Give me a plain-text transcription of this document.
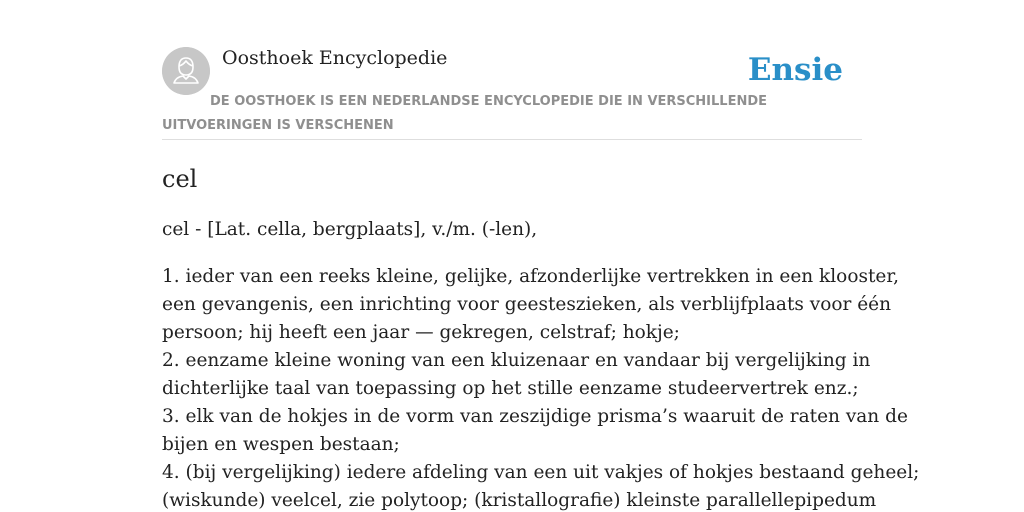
Oosthoek Encyclopedie	Ensie
DE OOSTHOEK IS EEN NEDERLANDSE ENCYCLOPEDIE DIE IN VERSCHILLENDE UITVOERINGEN IS VERSCHENEN
cel

cel - [Lat. cella, bergplaats], v./m. (-len),

1. ieder van een reeks kleine, gelijke, afzonderlijke vertrekken in een klooster,
een gevangenis, een inrichting voor geesteszieken, als verblijfplaats voor één
persoon; hij heeft een jaar — gekregen, celstraf; hokje;
2. eenzame kleine woning van een kluizenaar en vandaar bij vergelijking in
dichterlijke taal van toepassing op het stille eenzame studeervertrek enz.;
3. elk van de hokjes in de vorm van zeszijdige prisma’s waaruit de raten van de
bijen en wespen bestaan;
4. (bij vergelijking) iedere afdeling van een uit vakjes of hokjes bestaand geheel;
(wiskunde) veelcel, zie polytoop; (kristallografie) kleinste parallellepipedum
